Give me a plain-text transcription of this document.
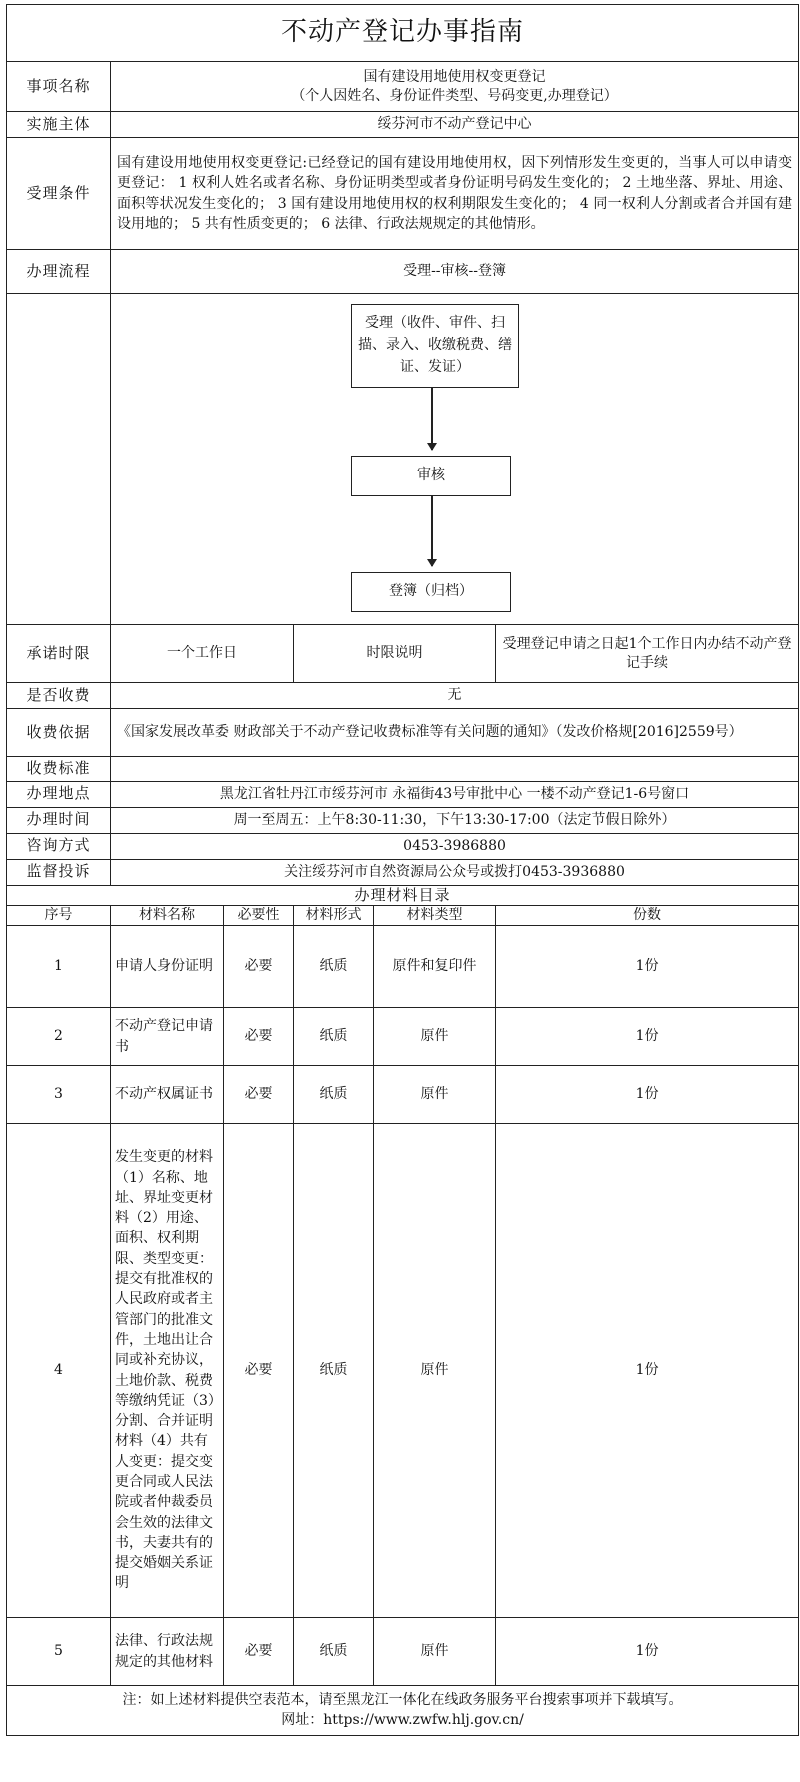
不动产登记办事指南					
事项名称	国有建设用地使用权变更登记
（个人因姓名、身份证件类型、号码变更,办理登记）				

实施主体	绥芬河市不动产登记中心				
受理条件	国有建设用地使用权变更登记:已经登记的国有建设用地使用权，因下列情形发生变更的，当事人可以申请变更登记： 1 权利人姓名或者名称、身份证明类型或者身份证明号码发生变化的； 2 土地坐落、界址、用途、面积等状况发生变化的； 3 国有建设用地使用权的权利期限发生变化的； 4 同一权利人分割或者合并国有建设用地的； 5 共有性质变更的； 6 法律、行政法规规定的其他情形。				
办理流程	受理--审核--登簿				

受理（收件、审件、扫描、录入、收缴税费、缮证、发证）
审核
登簿（归档）				

承诺时限	一个工作日		时限说明		受理登记申请之日起1个工作日内办结不动产登记手续
是否收费	无				
收费依据	《国家发展改革委 财政部关于不动产登记收费标准等有关问题的通知》（发改价格规[2016]2559号）				
收费标准					
办理地点	黑龙江省牡丹江市绥芬河市 永福街43号审批中心 一楼不动产登记1-6号窗口				
办理时间	周一至周五：上午8:30-11:30，下午13:30-17:00（法定节假日除外）				
咨询方式	0453-3986880				
监督投诉	关注绥芬河市自然资源局公众号或拨打0453-3936880				
办理材料目录					
序号	材料名称	必要性	材料形式	材料类型	份数
1	申请人身份证明	必要	纸质	原件和复印件	1份
2	不动产登记申请书	必要	纸质	原件	1份
3	不动产权属证书	必要	纸质	原件	1份
4	发生变更的材料（1）名称、地址、界址变更材料（2）用途、面积、权利期限、类型变更：提交有批准权的人民政府或者主管部门的批准文件，土地出让合同或补充协议，土地价款、税费等缴纳凭证（3）分割、合并证明材料（4）共有人变更：提交变更合同或人民法院或者仲裁委员会生效的法律文书，夫妻共有的提交婚姻关系证明	必要	纸质	原件	1份
5	法律、行政法规规定的其他材料	必要	纸质	原件	1份

注：如上述材料提供空表范本，请至黑龙江一体化在线政务服务平台搜索事项并下载填写。
网址：https://www.zwfw.hlj.gov.cn/					
